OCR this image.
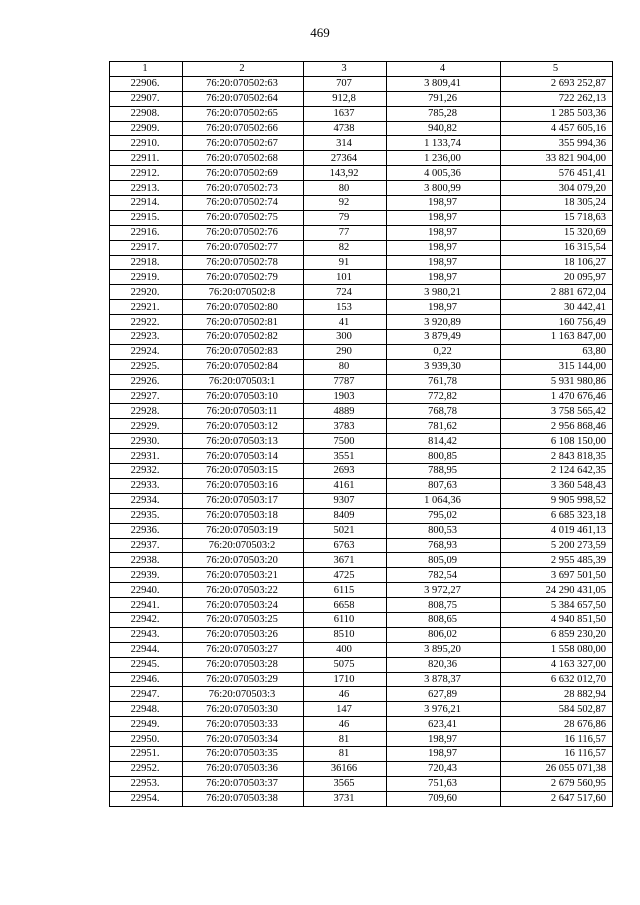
469
1	2	3	4	5
22906.	76:20:070502:63	707	3 809,41	2 693 252,87
22907.	76:20:070502:64	912,8	791,26	722 262,13
22908.	76:20:070502:65	1637	785,28	1 285 503,36
22909.	76:20:070502:66	4738	940,82	4 457 605,16
22910.	76:20:070502:67	314	1 133,74	355 994,36
22911.	76:20:070502:68	27364	1 236,00	33 821 904,00
22912.	76:20:070502:69	143,92	4 005,36	576 451,41
22913.	76:20:070502:73	80	3 800,99	304 079,20
22914.	76:20:070502:74	92	198,97	18 305,24
22915.	76:20:070502:75	79	198,97	15 718,63
22916.	76:20:070502:76	77	198,97	15 320,69
22917.	76:20:070502:77	82	198,97	16 315,54
22918.	76:20:070502:78	91	198,97	18 106,27
22919.	76:20:070502:79	101	198,97	20 095,97
22920.	76:20:070502:8	724	3 980,21	2 881 672,04
22921.	76:20:070502:80	153	198,97	30 442,41
22922.	76:20:070502:81	41	3 920,89	160 756,49
22923.	76:20:070502:82	300	3 879,49	1 163 847,00
22924.	76:20:070502:83	290	0,22	63,80
22925.	76:20:070502:84	80	3 939,30	315 144,00
22926.	76:20:070503:1	7787	761,78	5 931 980,86
22927.	76:20:070503:10	1903	772,82	1 470 676,46
22928.	76:20:070503:11	4889	768,78	3 758 565,42
22929.	76:20:070503:12	3783	781,62	2 956 868,46
22930.	76:20:070503:13	7500	814,42	6 108 150,00
22931.	76:20:070503:14	3551	800,85	2 843 818,35
22932.	76:20:070503:15	2693	788,95	2 124 642,35
22933.	76:20:070503:16	4161	807,63	3 360 548,43
22934.	76:20:070503:17	9307	1 064,36	9 905 998,52
22935.	76:20:070503:18	8409	795,02	6 685 323,18
22936.	76:20:070503:19	5021	800,53	4 019 461,13
22937.	76:20:070503:2	6763	768,93	5 200 273,59
22938.	76:20:070503:20	3671	805,09	2 955 485,39
22939.	76:20:070503:21	4725	782,54	3 697 501,50
22940.	76:20:070503:22	6115	3 972,27	24 290 431,05
22941.	76:20:070503:24	6658	808,75	5 384 657,50
22942.	76:20:070503:25	6110	808,65	4 940 851,50
22943.	76:20:070503:26	8510	806,02	6 859 230,20
22944.	76:20:070503:27	400	3 895,20	1 558 080,00
22945.	76:20:070503:28	5075	820,36	4 163 327,00
22946.	76:20:070503:29	1710	3 878,37	6 632 012,70
22947.	76:20:070503:3	46	627,89	28 882,94
22948.	76:20:070503:30	147	3 976,21	584 502,87
22949.	76:20:070503:33	46	623,41	28 676,86
22950.	76:20:070503:34	81	198,97	16 116,57
22951.	76:20:070503:35	81	198,97	16 116,57
22952.	76:20:070503:36	36166	720,43	26 055 071,38
22953.	76:20:070503:37	3565	751,63	2 679 560,95
22954.	76:20:070503:38	3731	709,60	2 647 517,60
